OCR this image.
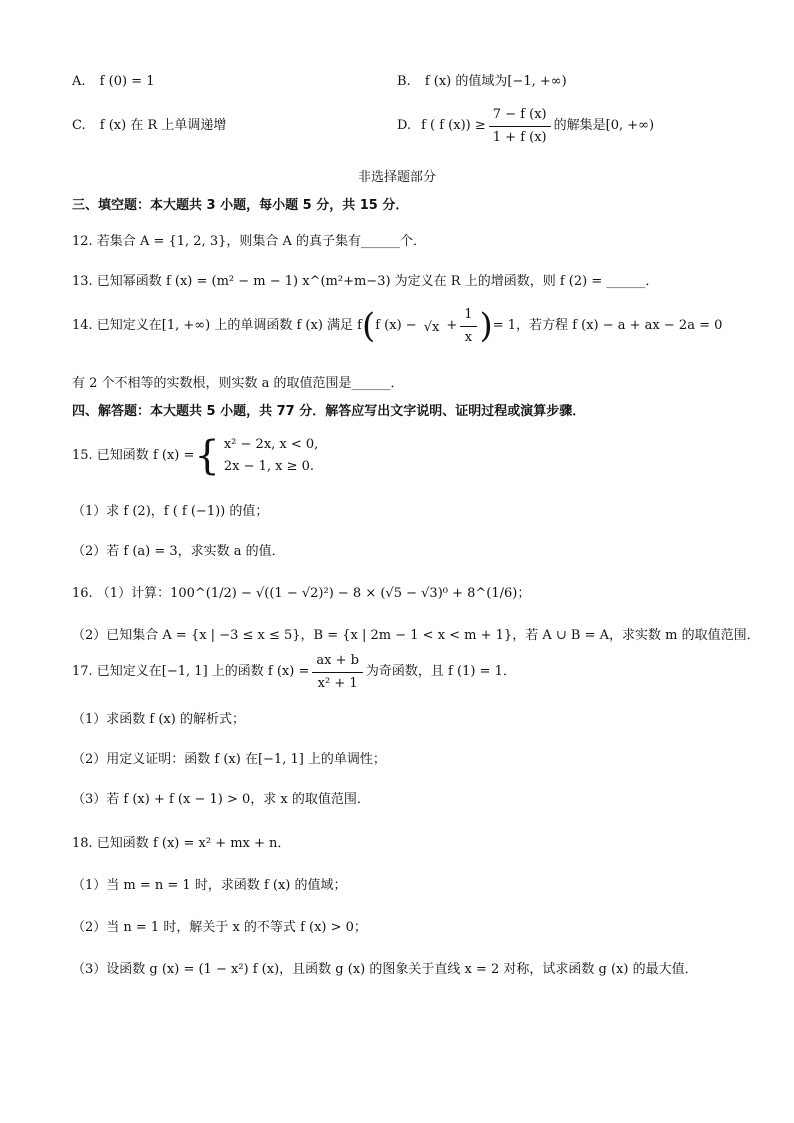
A. f (0) = 1	B. f (x) 的值域为[−1, +∞)
C. f (x) 在 R 上单调递增	D. f ( f $(x)) \ge \frac{7 - f (x)}{1 + f (x)}$ 的解集是[0, +∞)
非选择题部分
三、填空题：本大题共 3 小题，每小题 5 分，共 15 分．
12. 若集合 A = {1, 2, 3}，则集合 A 的真子集有______个．
13. 已知幂函数 f (x) = (m² − m − 1) x^(m²+m−3) 为定义在 R 上的增函数，则 f (2) = ______．
14. 已知定义在[1, +∞) 上的单调函数 f (x) 满足 f ( f $(x) - √x + \frac{1}{x}$ ) = 1，若方程 f (x) − a + ax − 2a = 0
有 2 个不相等的实数根，则实数 a 的取值范围是______．
四、解答题：本大题共 5 小题，共 77 分．解答应写出文字说明、证明过程或演算步骤．
15. 已知函数 f (x) = { x² − 2x, x < 0,
2x − 1, x ≥ 0.
（1）求 f (2)，f ( f (−1)) 的值；
（2）若 f (a) = 3，求实数 a 的值．
16. （1）计算：100^(1/2) − √((1 − √2)²) − 8 × (√5 − √3)⁰ + 8^(1/6)；
（2）已知集合 A = {x | −3 ≤ x ≤ 5}，B = {x | 2m − 1 < x < m + 1}，若 A ∪ B = A，求实数 m 的取值范围．
17. 已知定义在[−1, 1] 上的函数 f $(x) = \frac{ax + b}{\text{x² + 1}}$ 为奇函数，且 f (1) = 1．
（1）求函数 f (x) 的解析式；
（2）用定义证明：函数 f (x) 在[−1, 1] 上的单调性；
（3）若 f (x) + f (x − 1) > 0，求 x 的取值范围．
18. 已知函数 f (x) = x² + mx + n．
（1）当 m = n = 1 时，求函数 f (x) 的值域；
（2）当 n = 1 时，解关于 x 的不等式 f (x) > 0；
（3）设函数 g (x) = (1 − x²) f (x)，且函数 g (x) 的图象关于直线 x = 2 对称，试求函数 g (x) 的最大值．
